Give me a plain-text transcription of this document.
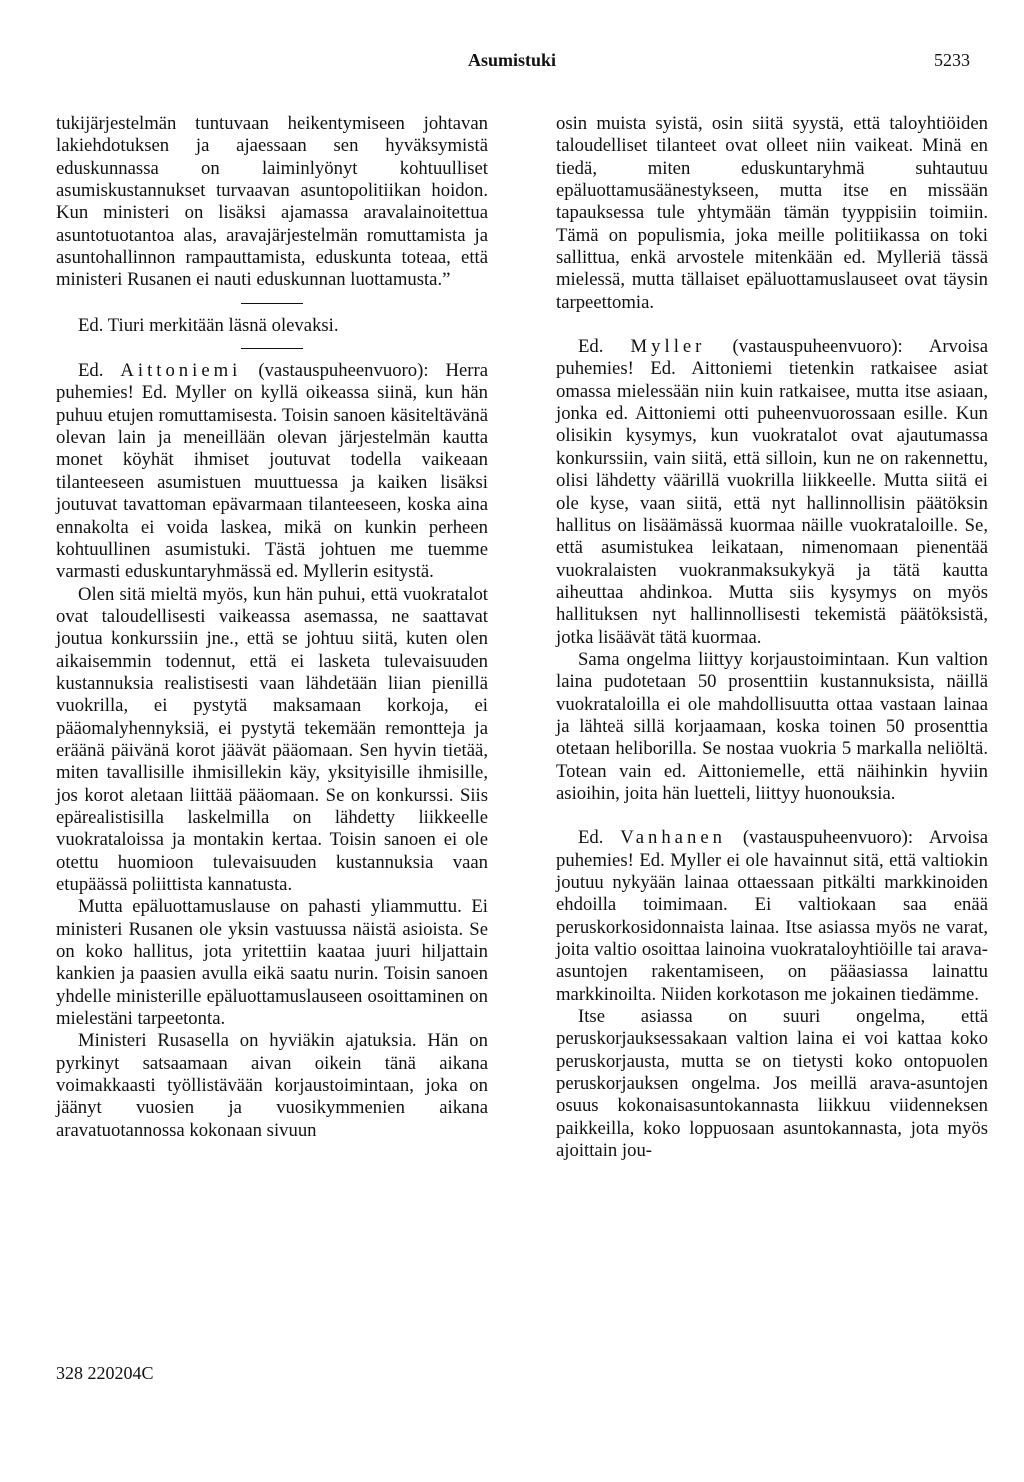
Asumistuki	5233

tukijärjestelmän tuntuvaan heikentymiseen johtavan lakiehdotuksen ja ajaessaan sen hyväksymistä eduskunnassa on laiminlyönyt kohtuulliset asumiskustannukset turvaavan asuntopolitiikan hoidon. Kun ministeri on lisäksi ajamassa aravalainoitettua asuntotuotantoa alas, aravajärjestelmän romuttamista ja asuntohallinnon rampauttamista, eduskunta toteaa, että ministeri Rusanen ei nauti eduskunnan luottamusta.”

Ed. Tiuri merkitään läsnä olevaksi.

Ed. Aittoniemi (vastauspuheenvuoro): Herra puhemies! Ed. Myller on kyllä oikeassa siinä, kun hän puhuu etujen romuttamisesta. Toisin sanoen käsiteltävänä olevan lain ja meneillään olevan järjestelmän kautta monet köyhät ihmiset joutuvat todella vaikeaan tilanteeseen asumistuen muuttuessa ja kaiken lisäksi joutuvat tavattoman epävarmaan tilanteeseen, koska aina ennakolta ei voida laskea, mikä on kunkin perheen kohtuullinen asumistuki. Tästä johtuen me tuemme varmasti eduskuntaryhmässä ed. Myllerin esitystä.

Olen sitä mieltä myös, kun hän puhui, että vuokratalot ovat taloudellisesti vaikeassa asemassa, ne saattavat joutua konkurssiin jne., että se johtuu siitä, kuten olen aikaisemmin todennut, että ei lasketa tulevaisuuden kustannuksia realistisesti vaan lähdetään liian pienillä vuokrilla, ei pystytä maksamaan korkoja, ei pääomalyhennyksiä, ei pystytä tekemään remontteja ja eräänä päivänä korot jäävät pääomaan. Sen hyvin tietää, miten tavallisille ihmisillekin käy, yksityisille ihmisille, jos korot aletaan liittää pääomaan. Se on konkurssi. Siis epärealistisilla laskelmilla on lähdetty liikkeelle vuokrataloissa ja montakin kertaa. Toisin sanoen ei ole otettu huomioon tulevaisuuden kustannuksia vaan etupäässä poliittista kannatusta.

Mutta epäluottamuslause on pahasti yliammuttu. Ei ministeri Rusanen ole yksin vastuussa näistä asioista. Se on koko hallitus, jota yritettiin kaataa juuri hiljattain kankien ja paasien avulla eikä saatu nurin. Toisin sanoen yhdelle ministerille epäluottamuslauseen osoittaminen on mielestäni tarpeetonta.

Ministeri Rusasella on hyviäkin ajatuksia. Hän on pyrkinyt satsaamaan aivan oikein tänä aikana voimakkaasti työllistävään korjaustoimintaan, joka on jäänyt vuosien ja vuosikymmenien aikana aravatuotannossa kokonaan sivuun

osin muista syistä, osin siitä syystä, että taloyhtiöiden taloudelliset tilanteet ovat olleet niin vaikeat. Minä en tiedä, miten eduskuntaryhmä suhtautuu epäluottamusäänestykseen, mutta itse en missään tapauksessa tule yhtymään tämän tyyppisiin toimiin. Tämä on populismia, joka meille politiikassa on toki sallittua, enkä arvostele mitenkään ed. Mylleriä tässä mielessä, mutta tällaiset epäluottamuslauseet ovat täysin tarpeettomia.

Ed. Myller (vastauspuheenvuoro): Arvoisa puhemies! Ed. Aittoniemi tietenkin ratkaisee asiat omassa mielessään niin kuin ratkaisee, mutta itse asiaan, jonka ed. Aittoniemi otti puheenvuorossaan esille. Kun olisikin kysymys, kun vuokratalot ovat ajautumassa konkurssiin, vain siitä, että silloin, kun ne on rakennettu, olisi lähdetty väärillä vuokrilla liikkeelle. Mutta siitä ei ole kyse, vaan siitä, että nyt hallinnollisin päätöksin hallitus on lisäämässä kuormaa näille vuokrataloille. Se, että asumistukea leikataan, nimenomaan pienentää vuokralaisten vuokranmaksukykyä ja tätä kautta aiheuttaa ahdinkoa. Mutta siis kysymys on myös hallituksen nyt hallinnollisesti tekemistä päätöksistä, jotka lisäävät tätä kuormaa.

Sama ongelma liittyy korjaustoimintaan. Kun valtion laina pudotetaan 50 prosenttiin kustannuksista, näillä vuokrataloilla ei ole mahdollisuutta ottaa vastaan lainaa ja lähteä sillä korjaamaan, koska toinen 50 prosenttia otetaan heliborilla. Se nostaa vuokria 5 markalla neliöltä. Totean vain ed. Aittoniemelle, että näihinkin hyviin asioihin, joita hän luetteli, liittyy huonouksia.

Ed. Vanhanen (vastauspuheenvuoro): Arvoisa puhemies! Ed. Myller ei ole havainnut sitä, että valtiokin joutuu nykyään lainaa ottaessaan pitkälti markkinoiden ehdoilla toimimaan. Ei valtiokaan saa enää peruskorkosidonnaista lainaa. Itse asiassa myös ne varat, joita valtio osoittaa lainoina vuokrataloyhtiöille tai arava-asuntojen rakentamiseen, on pääasiassa lainattu markkinoilta. Niiden korkotason me jokainen tiedämme.

Itse asiassa on suuri ongelma, että peruskorjauksessakaan valtion laina ei voi kattaa koko peruskorjausta, mutta se on tietysti koko ontopuolen peruskorjauksen ongelma. Jos meillä arava-asuntojen osuus kokonaisasuntokannasta liikkuu viidenneksen paikkeilla, koko loppuosaan asuntokannasta, jota myös ajoittain jou-

328 220204C
